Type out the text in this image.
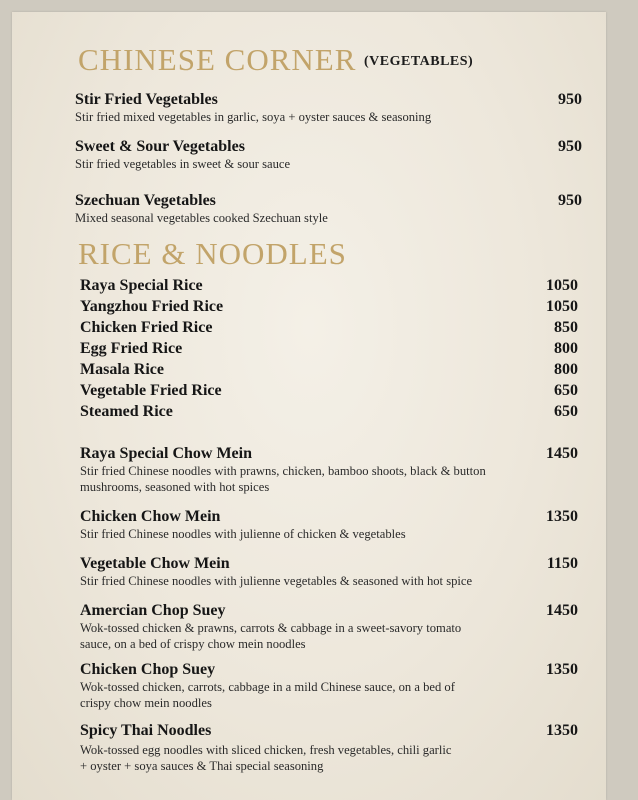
CHINESE CORNER (VEGETABLES)
Stir Fried Vegetables	950
Stir fried mixed vegetables in garlic, soya + oyster sauces & seasoning
Sweet & Sour Vegetables	950
Stir fried vegetables in sweet & sour sauce
Szechuan Vegetables	950
Mixed seasonal vegetables cooked Szechuan style
RICE & NOODLES
Raya Special Rice	1050
Yangzhou Fried Rice	1050
Chicken Fried Rice	850
Egg Fried Rice	800
Masala Rice	800
Vegetable Fried Rice	650
Steamed Rice	650
Raya Special Chow Mein	1450
Stir fried Chinese noodles with prawns, chicken, bamboo shoots, black & button
mushrooms, seasoned with hot spices
Chicken Chow Mein	1350
Stir fried Chinese noodles with julienne of chicken & vegetables
Vegetable Chow Mein	1150
Stir fried Chinese noodles with julienne vegetables & seasoned with hot spice
Amercian Chop Suey	1450
Wok-tossed chicken & prawns, carrots & cabbage in a sweet-savory tomato
sauce, on a bed of crispy chow mein noodles
Chicken Chop Suey	1350
Wok-tossed chicken, carrots, cabbage in a mild Chinese sauce, on a bed of
crispy chow mein noodles
Spicy Thai Noodles	1350
Wok-tossed egg noodles with sliced chicken, fresh vegetables, chili garlic
+ oyster + soya sauces & Thai special seasoning
